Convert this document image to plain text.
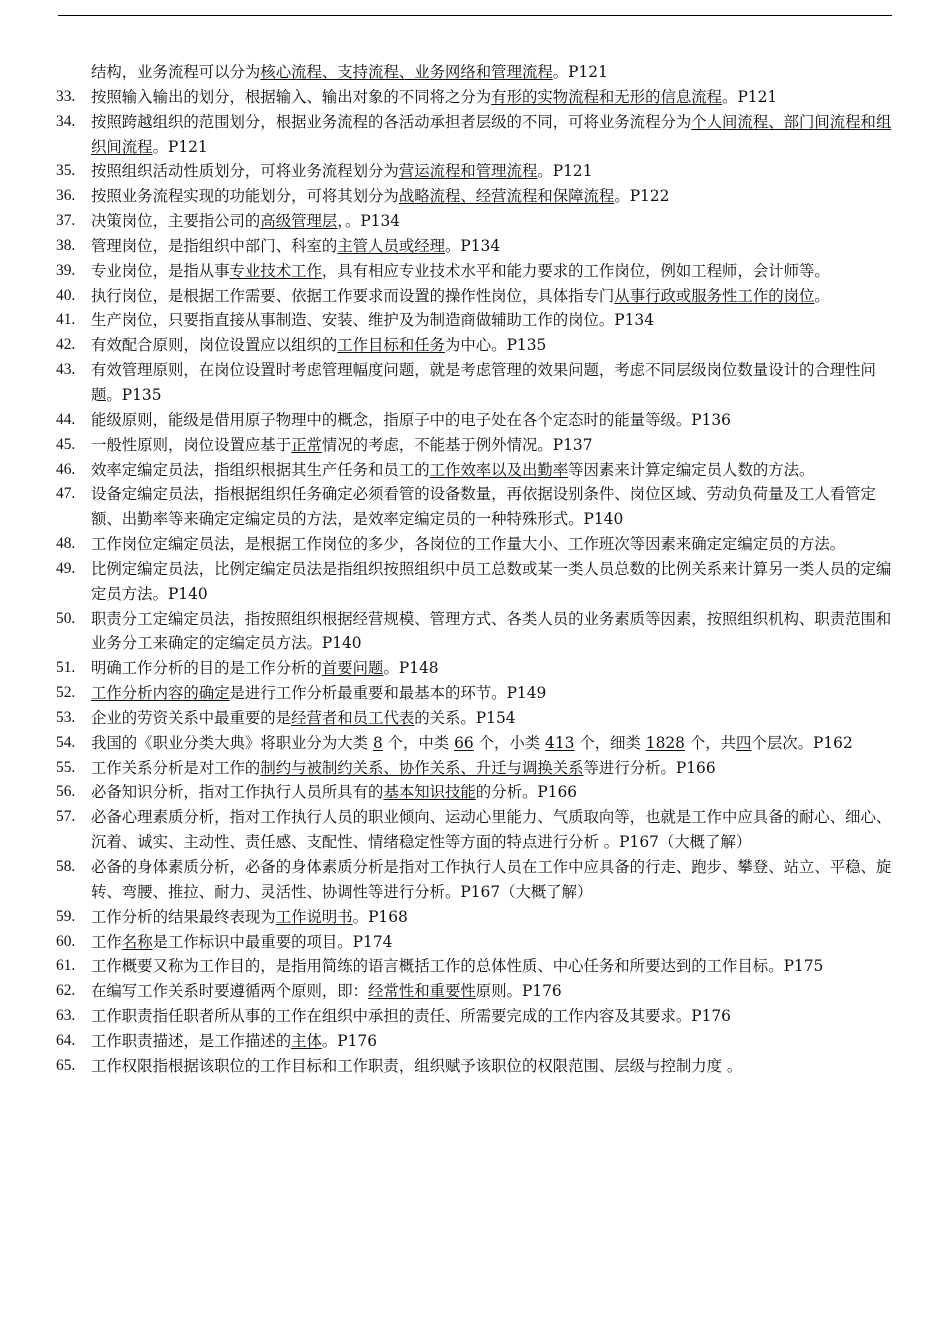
结构，业务流程可以分为核心流程、支持流程、业务网络和管理流程。P121
33.	按照输入输出的划分，根据输入、输出对象的不同将之分为有形的实物流程和无形的信息流程。P121
34.	按照跨越组织的范围划分，根据业务流程的各活动承担者层级的不同，可将业务流程分为个人间流程、部门间流程和组织间流程。P121
35.	按照组织活动性质划分，可将业务流程划分为营运流程和管理流程。P121
36.	按照业务流程实现的功能划分，可将其划分为战略流程、经营流程和保障流程。P122
37.	决策岗位，主要指公司的高级管理层，。P134
38.	管理岗位，是指组织中部门、科室的主管人员或经理。P134
39.	专业岗位，是指从事专业技术工作，具有相应专业技术水平和能力要求的工作岗位，例如工程师，会计师等。
40.	执行岗位，是根据工作需要、依据工作要求而设置的操作性岗位，具体指专门从事行政或服务性工作的岗位。
41.	生产岗位，只要指直接从事制造、安装、维护及为制造商做辅助工作的岗位。P134
42.	有效配合原则，岗位设置应以组织的工作目标和任务为中心。P135
43.	有效管理原则，在岗位设置时考虑管理幅度问题，就是考虑管理的效果问题，考虑不同层级岗位数量设计的合理性问题。P135
44.	能级原则，能级是借用原子物理中的概念，指原子中的电子处在各个定态时的能量等级。P136
45.	一般性原则，岗位设置应基于正常情况的考虑，不能基于例外情况。P137
46.	效率定编定员法，指组织根据其生产任务和员工的工作效率以及出勤率等因素来计算定编定员人数的方法。
47.	设备定编定员法，指根据组织任务确定必须看管的设备数量，再依据设别条件、岗位区域、劳动负荷量及工人看管定额、出勤率等来确定定编定员的方法，是效率定编定员的一种特殊形式。P140
48.	工作岗位定编定员法，是根据工作岗位的多少，各岗位的工作量大小、工作班次等因素来确定定编定员的方法。
49.	比例定编定员法，比例定编定员法是指组织按照组织中员工总数或某一类人员总数的比例关系来计算另一类人员的定编定员方法。P140
50.	职责分工定编定员法，指按照组织根据经营规模、管理方式、各类人员的业务素质等因素，按照组织机构、职责范围和业务分工来确定的定编定员方法。P140
51.	明确工作分析的目的是工作分析的首要问题。P148
52.	工作分析内容的确定是进行工作分析最重要和最基本的环节。P149
53.	企业的劳资关系中最重要的是经营者和员工代表的关系。P154
54.	我国的《职业分类大典》将职业分为大类 8 个，中类 66 个，小类 413 个，细类 1828 个，共四个层次。P162
55.	工作关系分析是对工作的制约与被制约关系、协作关系、升迁与调换关系等进行分析。P166
56.	必备知识分析，指对工作执行人员所具有的基本知识技能的分析。P166
57.	必备心理素质分析，指对工作执行人员的职业倾向、运动心里能力、气质取向等，也就是工作中应具备的耐心、细心、沉着、诚实、主动性、责任感、支配性、情绪稳定性等方面的特点进行分析 。P167（大概了解）
58.	必备的身体素质分析，必备的身体素质分析是指对工作执行人员在工作中应具备的行走、跑步、攀登、站立、平稳、旋转、弯腰、推拉、耐力、灵活性、协调性等进行分析。P167（大概了解）
59.	工作分析的结果最终表现为工作说明书。P168
60.	工作名称是工作标识中最重要的项目。P174
61.	工作概要又称为工作目的，是指用简练的语言概括工作的总体性质、中心任务和所要达到的工作目标。P175
62.	在编写工作关系时要遵循两个原则，即：经常性和重要性原则。P176
63.	工作职责指任职者所从事的工作在组织中承担的责任、所需要完成的工作内容及其要求。P176
64.	工作职责描述，是工作描述的主体。P176
65.	工作权限指根据该职位的工作目标和工作职责，组织赋予该职位的权限范围、层级与控制力度 。
